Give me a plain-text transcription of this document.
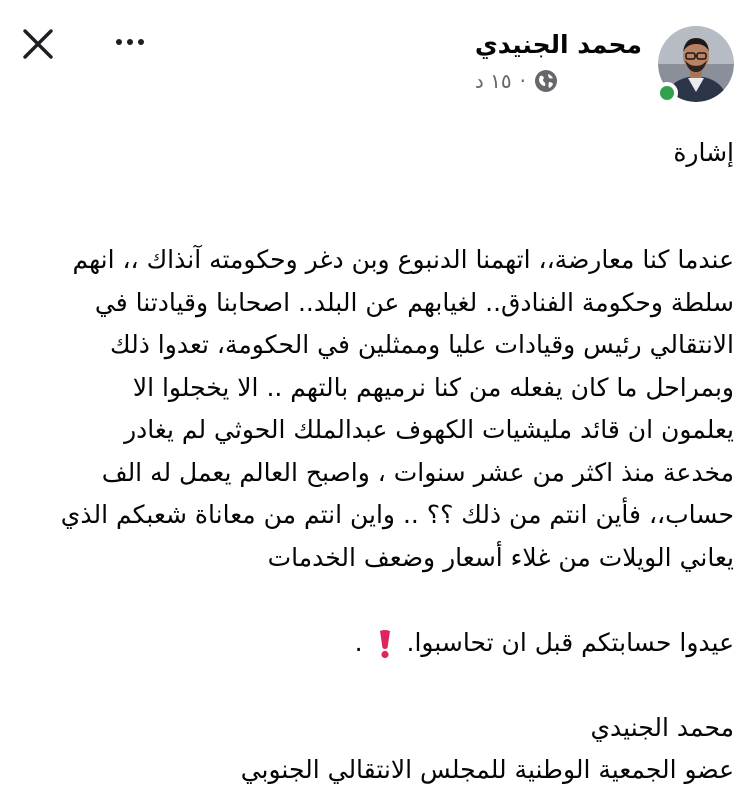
محمد الجنيدي
١٥ د ·

إشارة

عندما كنا معارضة،، اتهمنا الدنبوع وبن دغر وحكومته آنذاك ،، انهم

سلطة وحكومة الفنادق.. لغيابهم عن البلد.. اصحابنا وقيادتنا في

الانتقالي رئيس وقيادات عليا وممثلين في الحكومة، تعدوا ذلك

وبمراحل ما كان يفعله من كنا نرميهم بالتهم .. الا يخجلوا الا

يعلمون ان قائد مليشيات الكهوف عبدالملك الحوثي لم يغادر

مخدعة منذ اكثر من عشر سنوات ، واصبح العالم يعمل له الف

حساب،، فأين انتم من ذلك ؟؟ .. واين انتم من معاناة شعبكم الذي

يعاني الويلات من غلاء أسعار وضعف الخدمات

عيدوا حسابتكم قبل ان تحاسبوا.  .

محمد الجنيدي

عضو الجمعية الوطنية للمجلس الانتقالي الجنوبي
